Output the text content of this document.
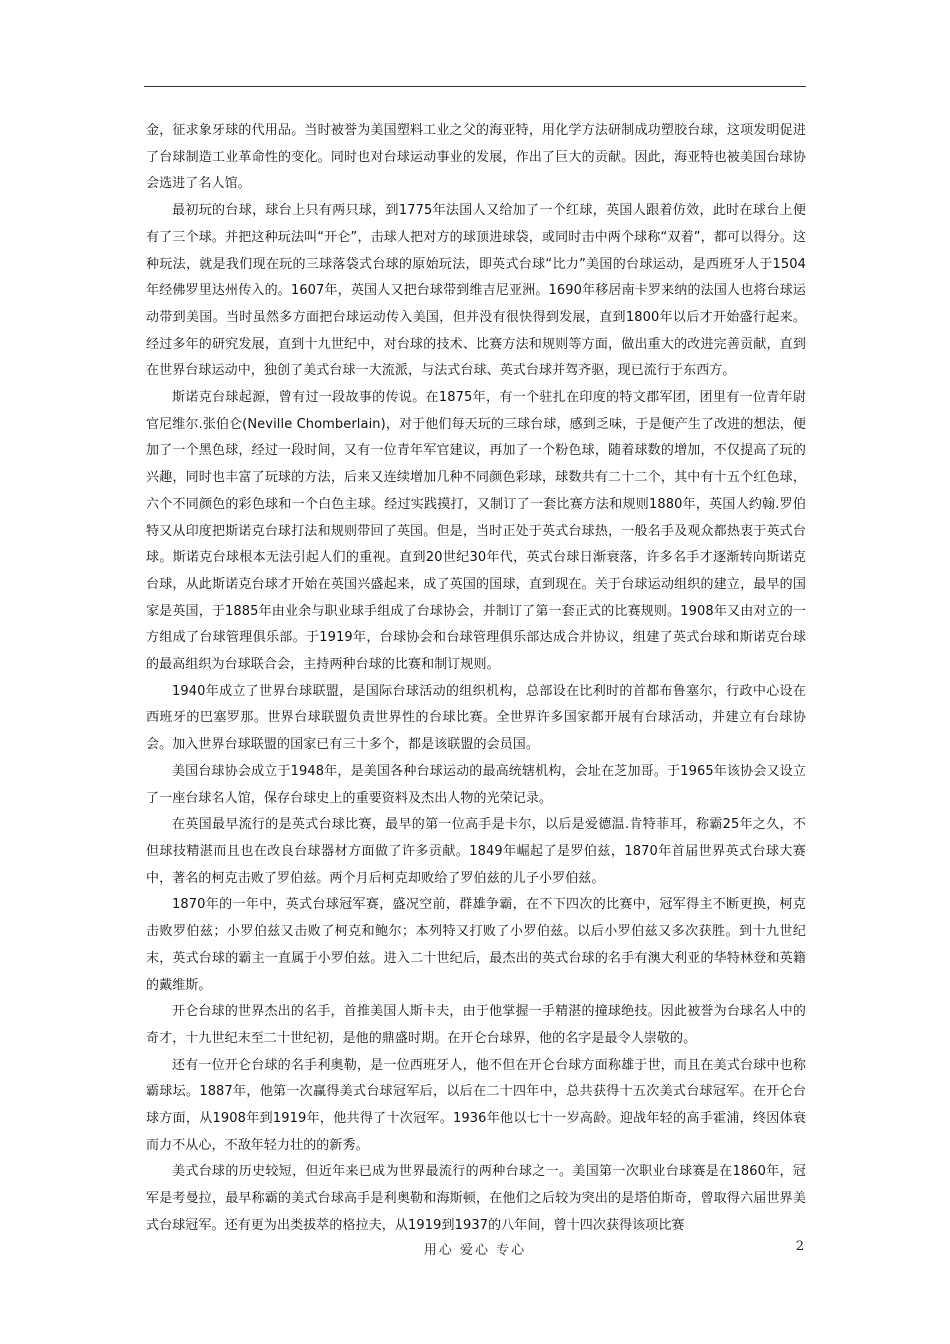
金，征求象牙球的代用品。当时被誉为美国塑料工业之父的海亚特，用化学方法研制成功塑胶台球，这项发明促进了台球制造工业革命性的变化。同时也对台球运动事业的发展，作出了巨大的贡献。因此，海亚特也被美国台球协会选进了名人馆。

最初玩的台球，球台上只有两只球，到1775年法国人又给加了一个红球，英国人跟着仿效，此时在球台上便有了三个球。并把这种玩法叫“开仑”，击球人把对方的球顶进球袋，或同时击中两个球称“双着”，都可以得分。这种玩法，就是我们现在玩的三球落袋式台球的原始玩法，即英式台球“比力”美国的台球运动，是西班牙人于1504年经佛罗里达州传入的。1607年，英国人又把台球带到维吉尼亚洲。1690年移居南卡罗来纳的法国人也将台球运动带到美国。当时虽然多方面把台球运动传入美国，但并没有很快得到发展，直到1800年以后才开始盛行起来。经过多年的研究发展，直到十九世纪中，对台球的技术、比赛方法和规则等方面，做出重大的改进完善贡献，直到在世界台球运动中，独创了美式台球一大流派，与法式台球、英式台球并驾齐驱，现已流行于东西方。

斯诺克台球起源，曾有过一段故事的传说。在1875年，有一个驻扎在印度的特文郡军团，团里有一位青年尉官尼维尔.张伯仑(Neville Chomberlain)，对于他们每天玩的三球台球，感到乏味，于是便产生了改进的想法，便加了一个黑色球，经过一段时间，又有一位青年军官建议，再加了一个粉色球，随着球数的增加，不仅提高了玩的兴趣，同时也丰富了玩球的方法，后来又连续增加几种不同颜色彩球，球数共有二十二个，其中有十五个红色球，六个不同颜色的彩色球和一个白色主球。经过实践摸打，又制订了一套比赛方法和规则1880年，英国人约翰.罗伯特又从印度把斯诺克台球打法和规则带回了英国。但是，当时正处于英式台球热，一般名手及观众都热衷于英式台球。斯诺克台球根本无法引起人们的重视。直到20世纪30年代，英式台球日渐衰落，许多名手才逐渐转向斯诺克台球，从此斯诺克台球才开始在英国兴盛起来，成了英国的国球，直到现在。关于台球运动组织的建立，最早的国家是英国，于1885年由业余与职业球手组成了台球协会，并制订了第一套正式的比赛规则。1908年又由对立的一方组成了台球管理俱乐部。于1919年，台球协会和台球管理俱乐部达成合并协议，组建了英式台球和斯诺克台球的最高组织为台球联合会，主持两种台球的比赛和制订规则。

1940年成立了世界台球联盟，是国际台球活动的组织机构，总部设在比利时的首都布鲁塞尔，行政中心设在西班牙的巴塞罗那。世界台球联盟负责世界性的台球比赛。全世界许多国家都开展有台球活动，并建立有台球协会。加入世界台球联盟的国家已有三十多个，都是该联盟的会员国。

美国台球协会成立于1948年，是美国各种台球运动的最高统辖机构，会址在芝加哥。于1965年该协会又设立了一座台球名人馆，保存台球史上的重要资料及杰出人物的光荣记录。

在英国最早流行的是英式台球比赛，最早的第一位高手是卡尔，以后是爱德温.肯特菲耳，称霸25年之久，不但球技精湛而且也在改良台球器材方面做了许多贡献。1849年崛起了是罗伯兹，1870年首届世界英式台球大赛中，著名的柯克击败了罗伯兹。两个月后柯克却败给了罗伯兹的儿子小罗伯兹。

1870年的一年中，英式台球冠军赛，盛况空前，群雄争霸，在不下四次的比赛中，冠军得主不断更换，柯克击败罗伯兹；小罗伯兹又击败了柯克和鲍尔；本列特又打败了小罗伯兹。以后小罗伯兹又多次获胜。到十九世纪末，英式台球的霸主一直属于小罗伯兹。进入二十世纪后，最杰出的英式台球的名手有澳大利亚的华特林登和英籍的戴维斯。

开仑台球的世界杰出的名手，首推美国人斯卡夫，由于他掌握一手精湛的撞球绝技。因此被誉为台球名人中的奇才，十九世纪末至二十世纪初，是他的鼎盛时期。在开仑台球界，他的名字是最令人崇敬的。

还有一位开仑台球的名手利奥勒，是一位西班牙人，他不但在开仑台球方面称雄于世，而且在美式台球中也称霸球坛。1887年，他第一次赢得美式台球冠军后，以后在二十四年中，总共获得十五次美式台球冠军。在开仑台球方面，从1908年到1919年，他共得了十次冠军。1936年他以七十一岁高龄。迎战年轻的高手霍浦，终因体衰而力不从心，不敌年轻力壮的的新秀。

美式台球的历史较短，但近年来已成为世界最流行的两种台球之一。美国第一次职业台球赛是在1860年，冠军是考曼拉，最早称霸的美式台球高手是利奥勒和海斯顿，在他们之后较为突出的是塔伯斯奇，曾取得六届世界美式台球冠军。还有更为出类拔萃的格拉夫，从1919到1937的八年间，曾十四次获得该项比赛

用心 爱心 专心	2
